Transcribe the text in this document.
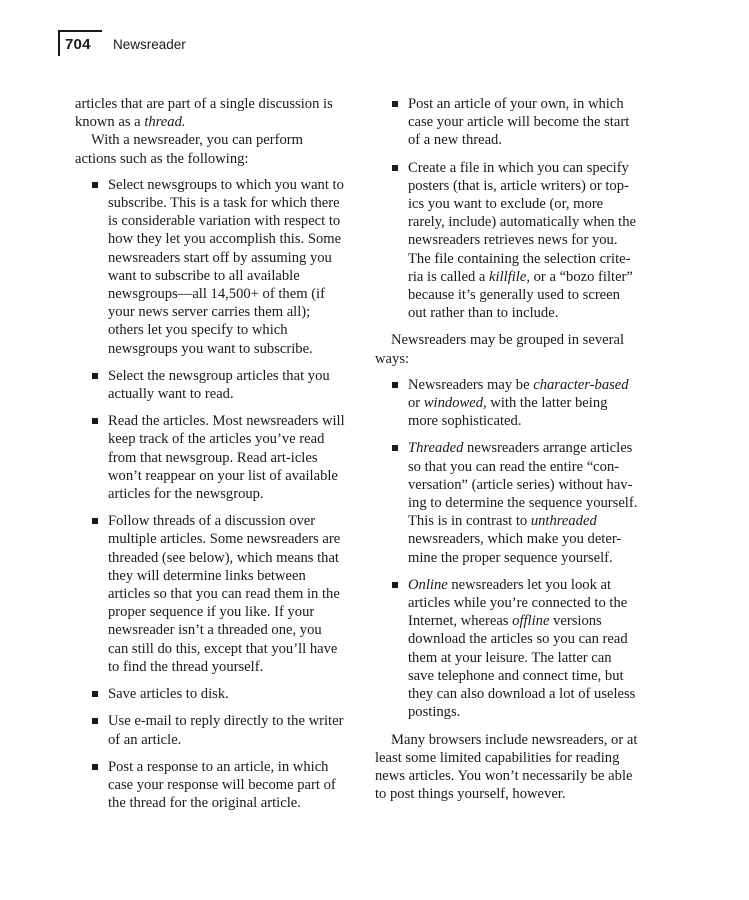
704 Newsreader

articles that are part of a single discussion is known as a thread.

With a newsreader, you can perform actions such as the following:

Select newsgroups to which you want to subscribe. This is a task for which there is considerable variation with respect to how they let you accomplish this. Some newsreaders start off by assuming you want to subscribe to all available newsgroups—all 14,500+ of them (if your news server carries them all); others let you specify to which newsgroups you want to subscribe.
Select the newsgroup articles that you actually want to read.
Read the articles. Most newsreaders will keep track of the articles you’ve read from that newsgroup. Read art-icles won’t reappear on your list of available articles for the newsgroup.
Follow threads of a discussion over multiple articles. Some newsreaders are threaded (see below), which means that they will determine links between articles so that you can read them in the proper sequence if you like. If your newsreader isn’t a threaded one, you can still do this, except that you’ll have to find the thread yourself.
Save articles to disk.
Use e-mail to reply directly to the writer of an article.
Post a response to an article, in which case your response will become part of the thread for the original article.
Post an article of your own, in which case your article will become the start of a new thread.
Create a file in which you can specify posters (that is, article writers) or top-ics you want to exclude (or, more rarely, include) automatically when the newsreaders retrieves news for you. The file containing the selection crite-ria is called a killfile, or a “bozo filter” because it’s generally used to screen out rather than to include.

Newsreaders may be grouped in several ways:

Newsreaders may be character-based or windowed, with the latter being more sophisticated.
Threaded newsreaders arrange articles so that you can read the entire “con-versation” (article series) without hav-ing to determine the sequence yourself. This is in contrast to unthreaded newsreaders, which make you deter-mine the proper sequence yourself.
Online newsreaders let you look at articles while you’re connected to the Internet, whereas offline versions download the articles so you can read them at your leisure. The latter can save telephone and connect time, but they can also download a lot of useless postings.

Many browsers include newsreaders, or at least some limited capabilities for reading news articles. You won’t necessarily be able to post things yourself, however.
